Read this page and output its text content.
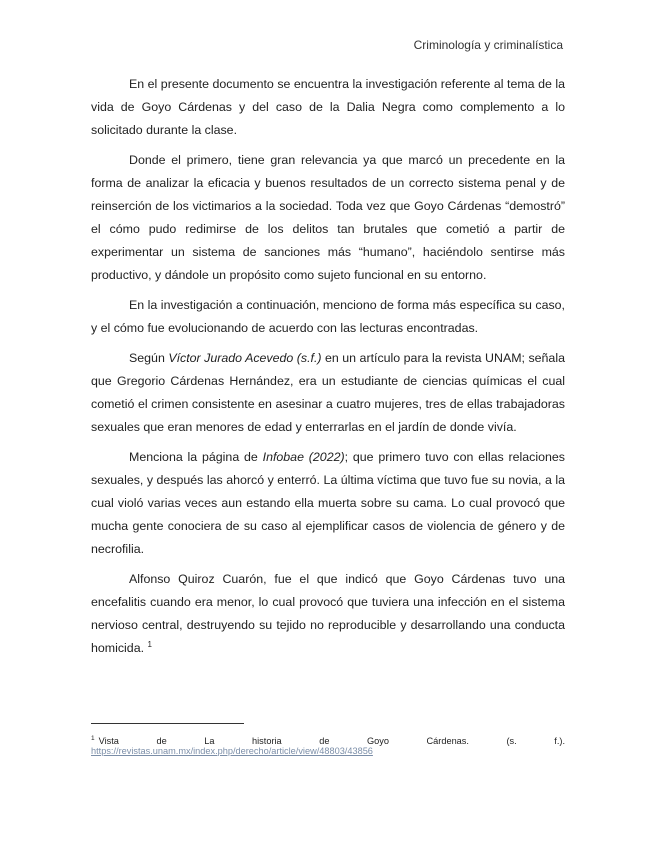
Criminología y criminalística

En el presente documento se encuentra la investigación referente al tema de la vida de Goyo Cárdenas y del caso de la Dalia Negra como complemento a lo solicitado durante la clase.

Donde el primero, tiene gran relevancia ya que marcó un precedente en la forma de analizar la eficacia y buenos resultados de un correcto sistema penal y de reinserción de los victimarios a la sociedad. Toda vez que Goyo Cárdenas “demostró” el cómo pudo redimirse de los delitos tan brutales que cometió a partir de experimentar un sistema de sanciones más “humano”, haciéndolo sentirse más productivo, y dándole un propósito como sujeto funcional en su entorno.

En la investigación a continuación, menciono de forma más específica su caso, y el cómo fue evolucionando de acuerdo con las lecturas encontradas.

Según Víctor Jurado Acevedo (s.f.) en un artículo para la revista UNAM; señala que Gregorio Cárdenas Hernández, era un estudiante de ciencias químicas el cual cometió el crimen consistente en asesinar a cuatro mujeres, tres de ellas trabajadoras sexuales que eran menores de edad y enterrarlas en el jardín de donde vivía.

Menciona la página de Infobae (2022); que primero tuvo con ellas relaciones sexuales, y después las ahorcó y enterró. La última víctima que tuvo fue su novia, a la cual violó varias veces aun estando ella muerta sobre su cama. Lo cual provocó que mucha gente conociera de su caso al ejemplificar casos de violencia de género y de necrofilia.

Alfonso Quiroz Cuarón, fue el que indicó que Goyo Cárdenas tuvo una encefalitis cuando era menor, lo cual provocó que tuviera una infección en el sistema nervioso central, destruyendo su tejido no reproducible y desarrollando una conducta homicida. $^1$

$^1$ Vista de La historia de Goyo Cárdenas. (s. f.).
https://revistas.unam.mx/index.php/derecho/article/view/48803/43856
